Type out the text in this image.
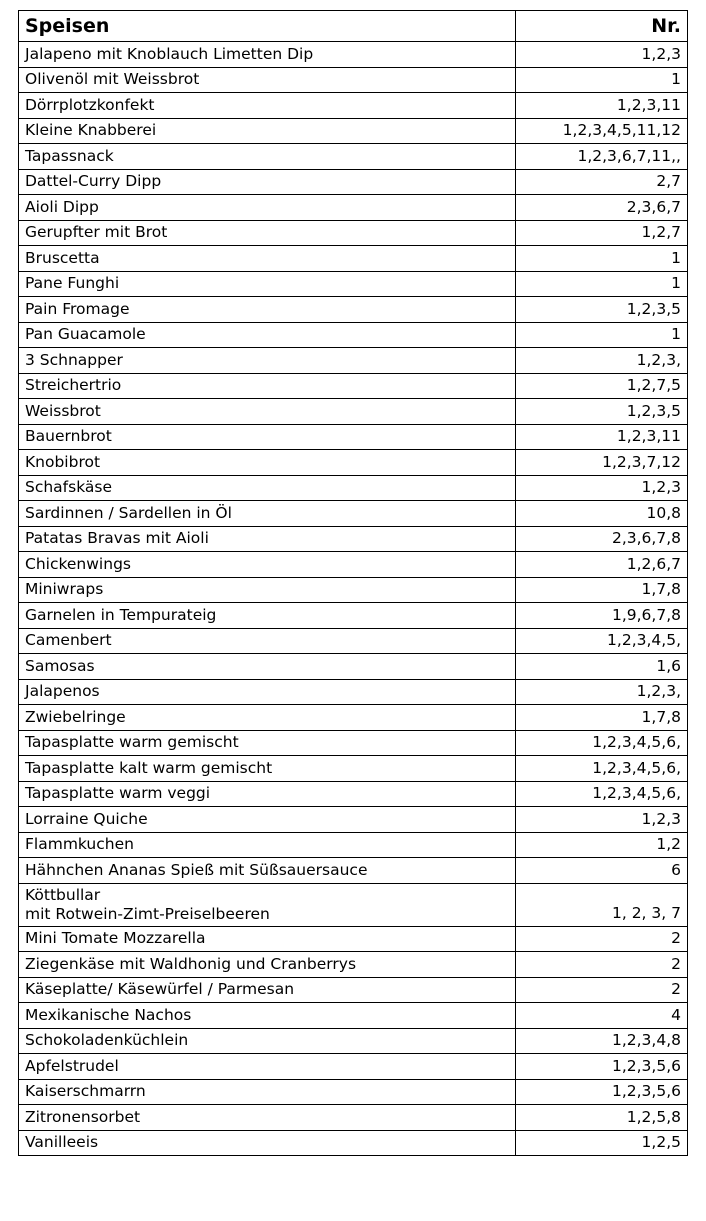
Speisen	Nr.
Jalapeno mit Knoblauch Limetten Dip	1,2,3
Olivenöl mit Weissbrot	1
Dörrplotzkonfekt	1,2,3,11
Kleine Knabberei	1,2,3,4,5,11,12
Tapassnack	1,2,3,6,7,11,,
Dattel-Curry Dipp	2,7
Aioli Dipp	2,3,6,7
Gerupfter mit Brot	1,2,7
Bruscetta	1
Pane Funghi	1
Pain Fromage	1,2,3,5
Pan Guacamole	1
3 Schnapper	1,2,3,
Streichertrio	1,2,7,5
Weissbrot	1,2,3,5
Bauernbrot	1,2,3,11
Knobibrot	1,2,3,7,12
Schafskäse	1,2,3
Sardinnen / Sardellen in Öl	10,8
Patatas Bravas mit Aioli	2,3,6,7,8
Chickenwings	1,2,6,7
Miniwraps	1,7,8
Garnelen in Tempurateig	1,9,6,7,8
Camenbert	1,2,3,4,5,
Samosas	1,6
Jalapenos	1,2,3,
Zwiebelringe	1,7,8
Tapasplatte warm gemischt	1,2,3,4,5,6,
Tapasplatte kalt warm gemischt	1,2,3,4,5,6,
Tapasplatte warm veggi	1,2,3,4,5,6,
Lorraine Quiche	1,2,3
Flammkuchen	1,2
Hähnchen Ananas Spieß mit Süßsauersauce	6

Köttbullar
mit Rotwein-Zimt-Preiselbeeren	1, 2, 3, 7
Mini Tomate Mozzarella	2
Ziegenkäse mit Waldhonig und Cranberrys	2
Käseplatte/ Käsewürfel / Parmesan	2
Mexikanische Nachos	4
Schokoladenküchlein	1,2,3,4,8
Apfelstrudel	1,2,3,5,6
Kaiserschmarrn	1,2,3,5,6
Zitronensorbet	1,2,5,8
Vanilleeis	1,2,5
